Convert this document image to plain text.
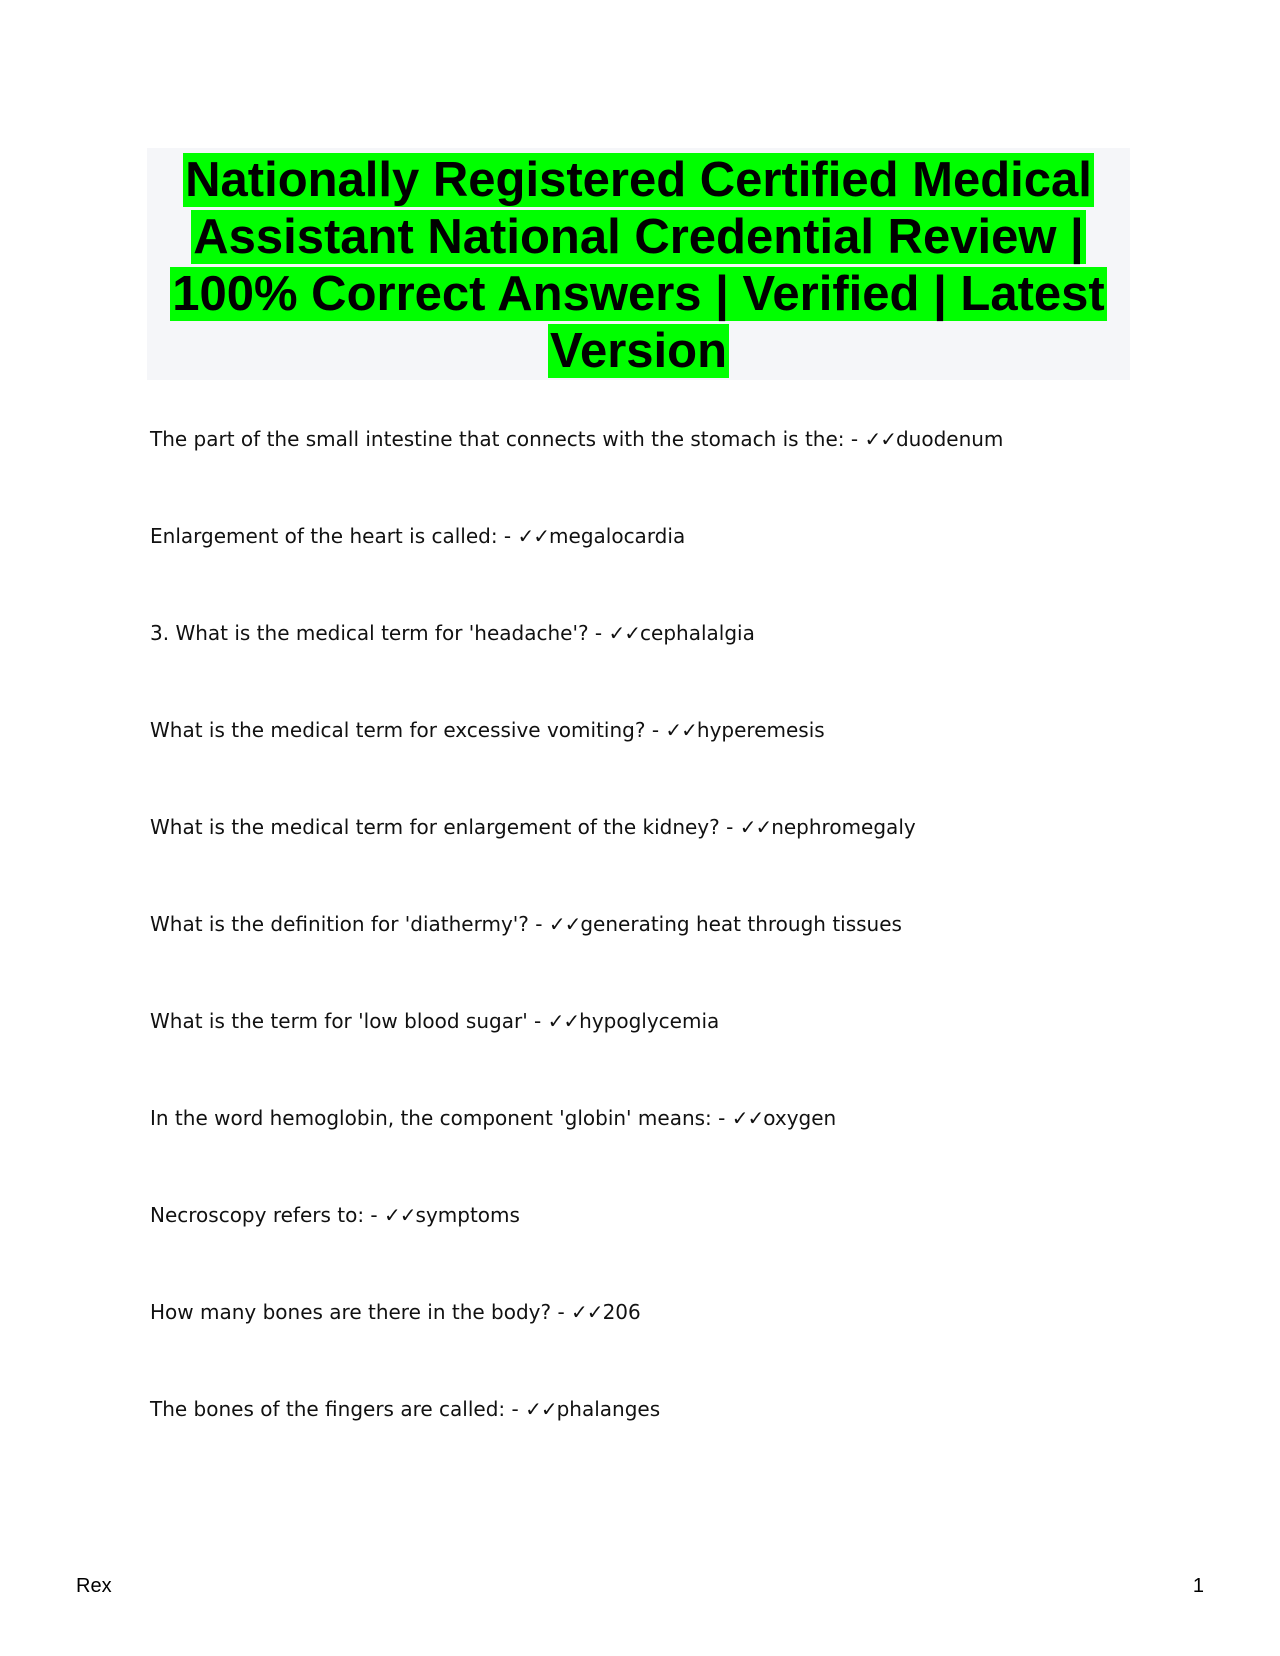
Nationally Registered Certified Medical Assistant National Credential Review | 100% Correct Answers | Verified | Latest Version
The part of the small intestine that connects with the stomach is the: - ✓✓duodenum
Enlargement of the heart is called: - ✓✓megalocardia
3. What is the medical term for 'headache'? - ✓✓cephalalgia
What is the medical term for excessive vomiting? - ✓✓hyperemesis
What is the medical term for enlargement of the kidney? - ✓✓nephromegaly
What is the definition for 'diathermy'? - ✓✓generating heat through tissues
What is the term for 'low blood sugar' - ✓✓hypoglycemia
In the word hemoglobin, the component 'globin' means: - ✓✓oxygen
Necroscopy refers to: - ✓✓symptoms
How many bones are there in the body? - ✓✓206
The bones of the fingers are called: - ✓✓phalanges
Rex	1
